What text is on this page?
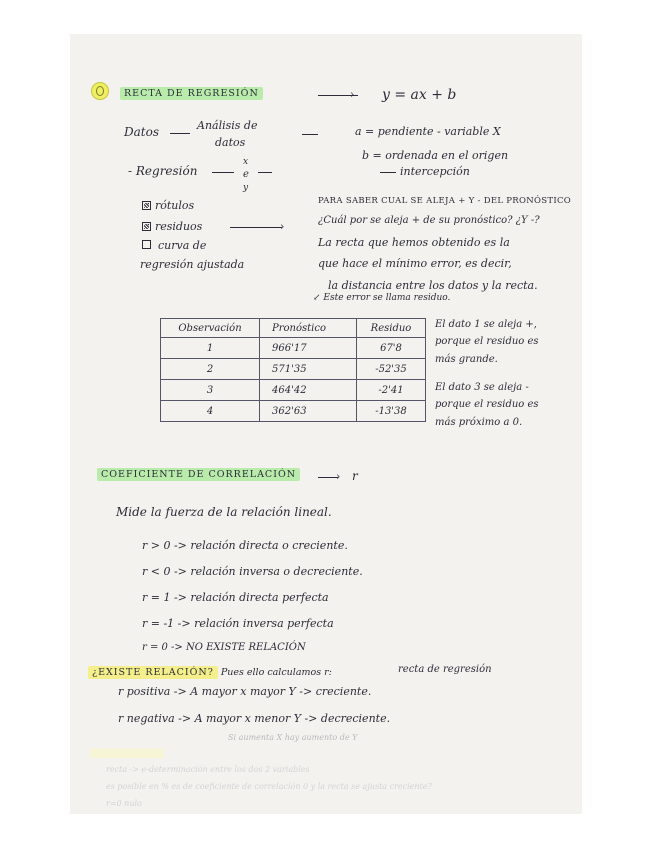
RECTA DE REGRESIÓN	› y = ax + b
Datos	Análisis de
datos
a = pendiente - variable X
b = ordenada en el origen
intercepción
- Regresión
x
e
y
rótulos
residuos	›
curva de
regresión ajustada
PARA SABER CUAL SE ALEJA + Y - DEL PRONÓSTICO
¿Cuál por se aleja + de su pronóstico? ¿Y -?
La recta que hemos obtenido es la
que hace el mínimo error, es decir,
la distancia entre los datos y la recta.
↙ Este error se llama residuo.
Observación	Pronóstico	Residuo
1	966'17	67'8
2	571'35	-52'35
3	464'42	-2'41
4	362'63	-13'38
El dato 1 se aleja +,
porque el residuo es
más grande.
El dato 3 se aleja -
porque el residuo es
más próximo a 0.
COEFICIENTE DE CORRELACIÓN	› r
Mide la fuerza de la relación lineal.
r > 0 -> relación directa o creciente.
r < 0 -> relación inversa o decreciente.
r = 1 -> relación directa perfecta
r = -1 -> relación inversa perfecta
r = 0 -> NO EXISTE RELACIÓN
¿EXISTE RELACIÓN? Pues ello calculamos r:	recta de regresión
r positiva -> A mayor x mayor Y -> creciente.
r negativa -> A mayor x menor Y -> decreciente.
Si aumenta X hay aumento de Y
████████████
recta -> e-determinación entre los dos 2 variables
es posible en % es de coeficiente de correlación 0 y la recta se ajusta creciente?
r=0 nulo
